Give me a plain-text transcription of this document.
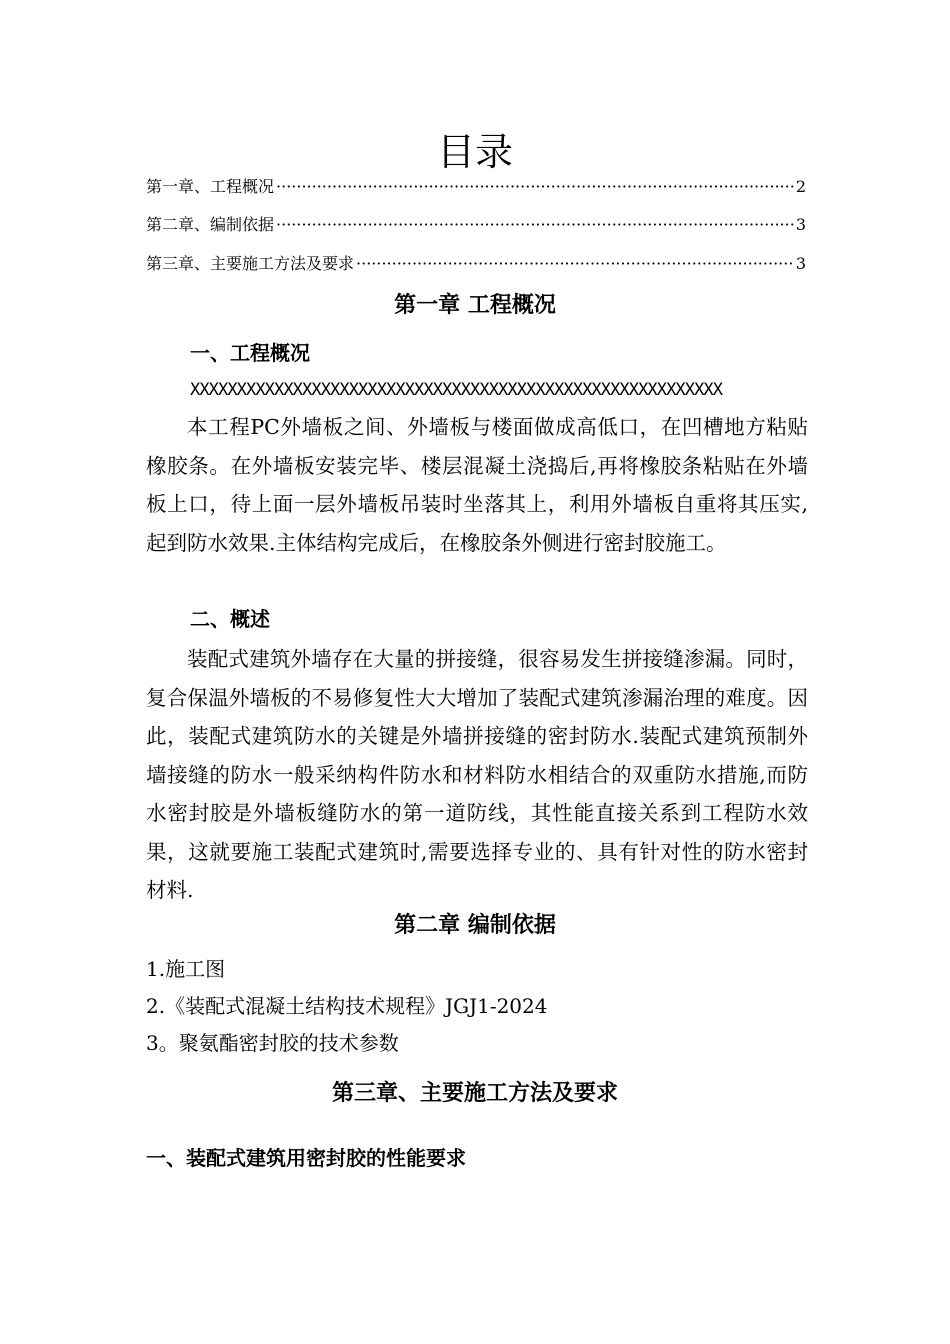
目录
第一章、工程概况 ·····	2
第二章、编制依据 ·····	3
第三章、主要施工方法及要求 ·····	3
第一章 工程概况
一、工程概况
XXXXXXXXXXXXXXXXXXXXXXXXXXXXXXXXXXXXXXXXXXXXXXXXXXXXXXXXX

本工程PC外墙板之间、外墙板与楼面做成高低口，在凹槽地方粘贴橡胶条。在外墙板安装完毕、楼层混凝土浇捣后,再将橡胶条粘贴在外墙板上口，待上面一层外墙板吊装时坐落其上，利用外墙板自重将其压实,起到防水效果.主体结构完成后，在橡胶条外侧进行密封胶施工。

二、概述

装配式建筑外墙存在大量的拼接缝，很容易发生拼接缝渗漏。同时，复合保温外墙板的不易修复性大大增加了装配式建筑渗漏治理的难度。因此，装配式建筑防水的关键是外墙拼接缝的密封防水.装配式建筑预制外墙接缝的防水一般采纳构件防水和材料防水相结合的双重防水措施,而防水密封胶是外墙板缝防水的第一道防线，其性能直接关系到工程防水效果，这就要施工装配式建筑时,需要选择专业的、具有针对性的防水密封材料.

第二章 编制依据
1.施工图
2.《装配式混凝土结构技术规程》JGJ1-2024
3。聚氨酯密封胶的技术参数
第三章、主要施工方法及要求
一、装配式建筑用密封胶的性能要求
